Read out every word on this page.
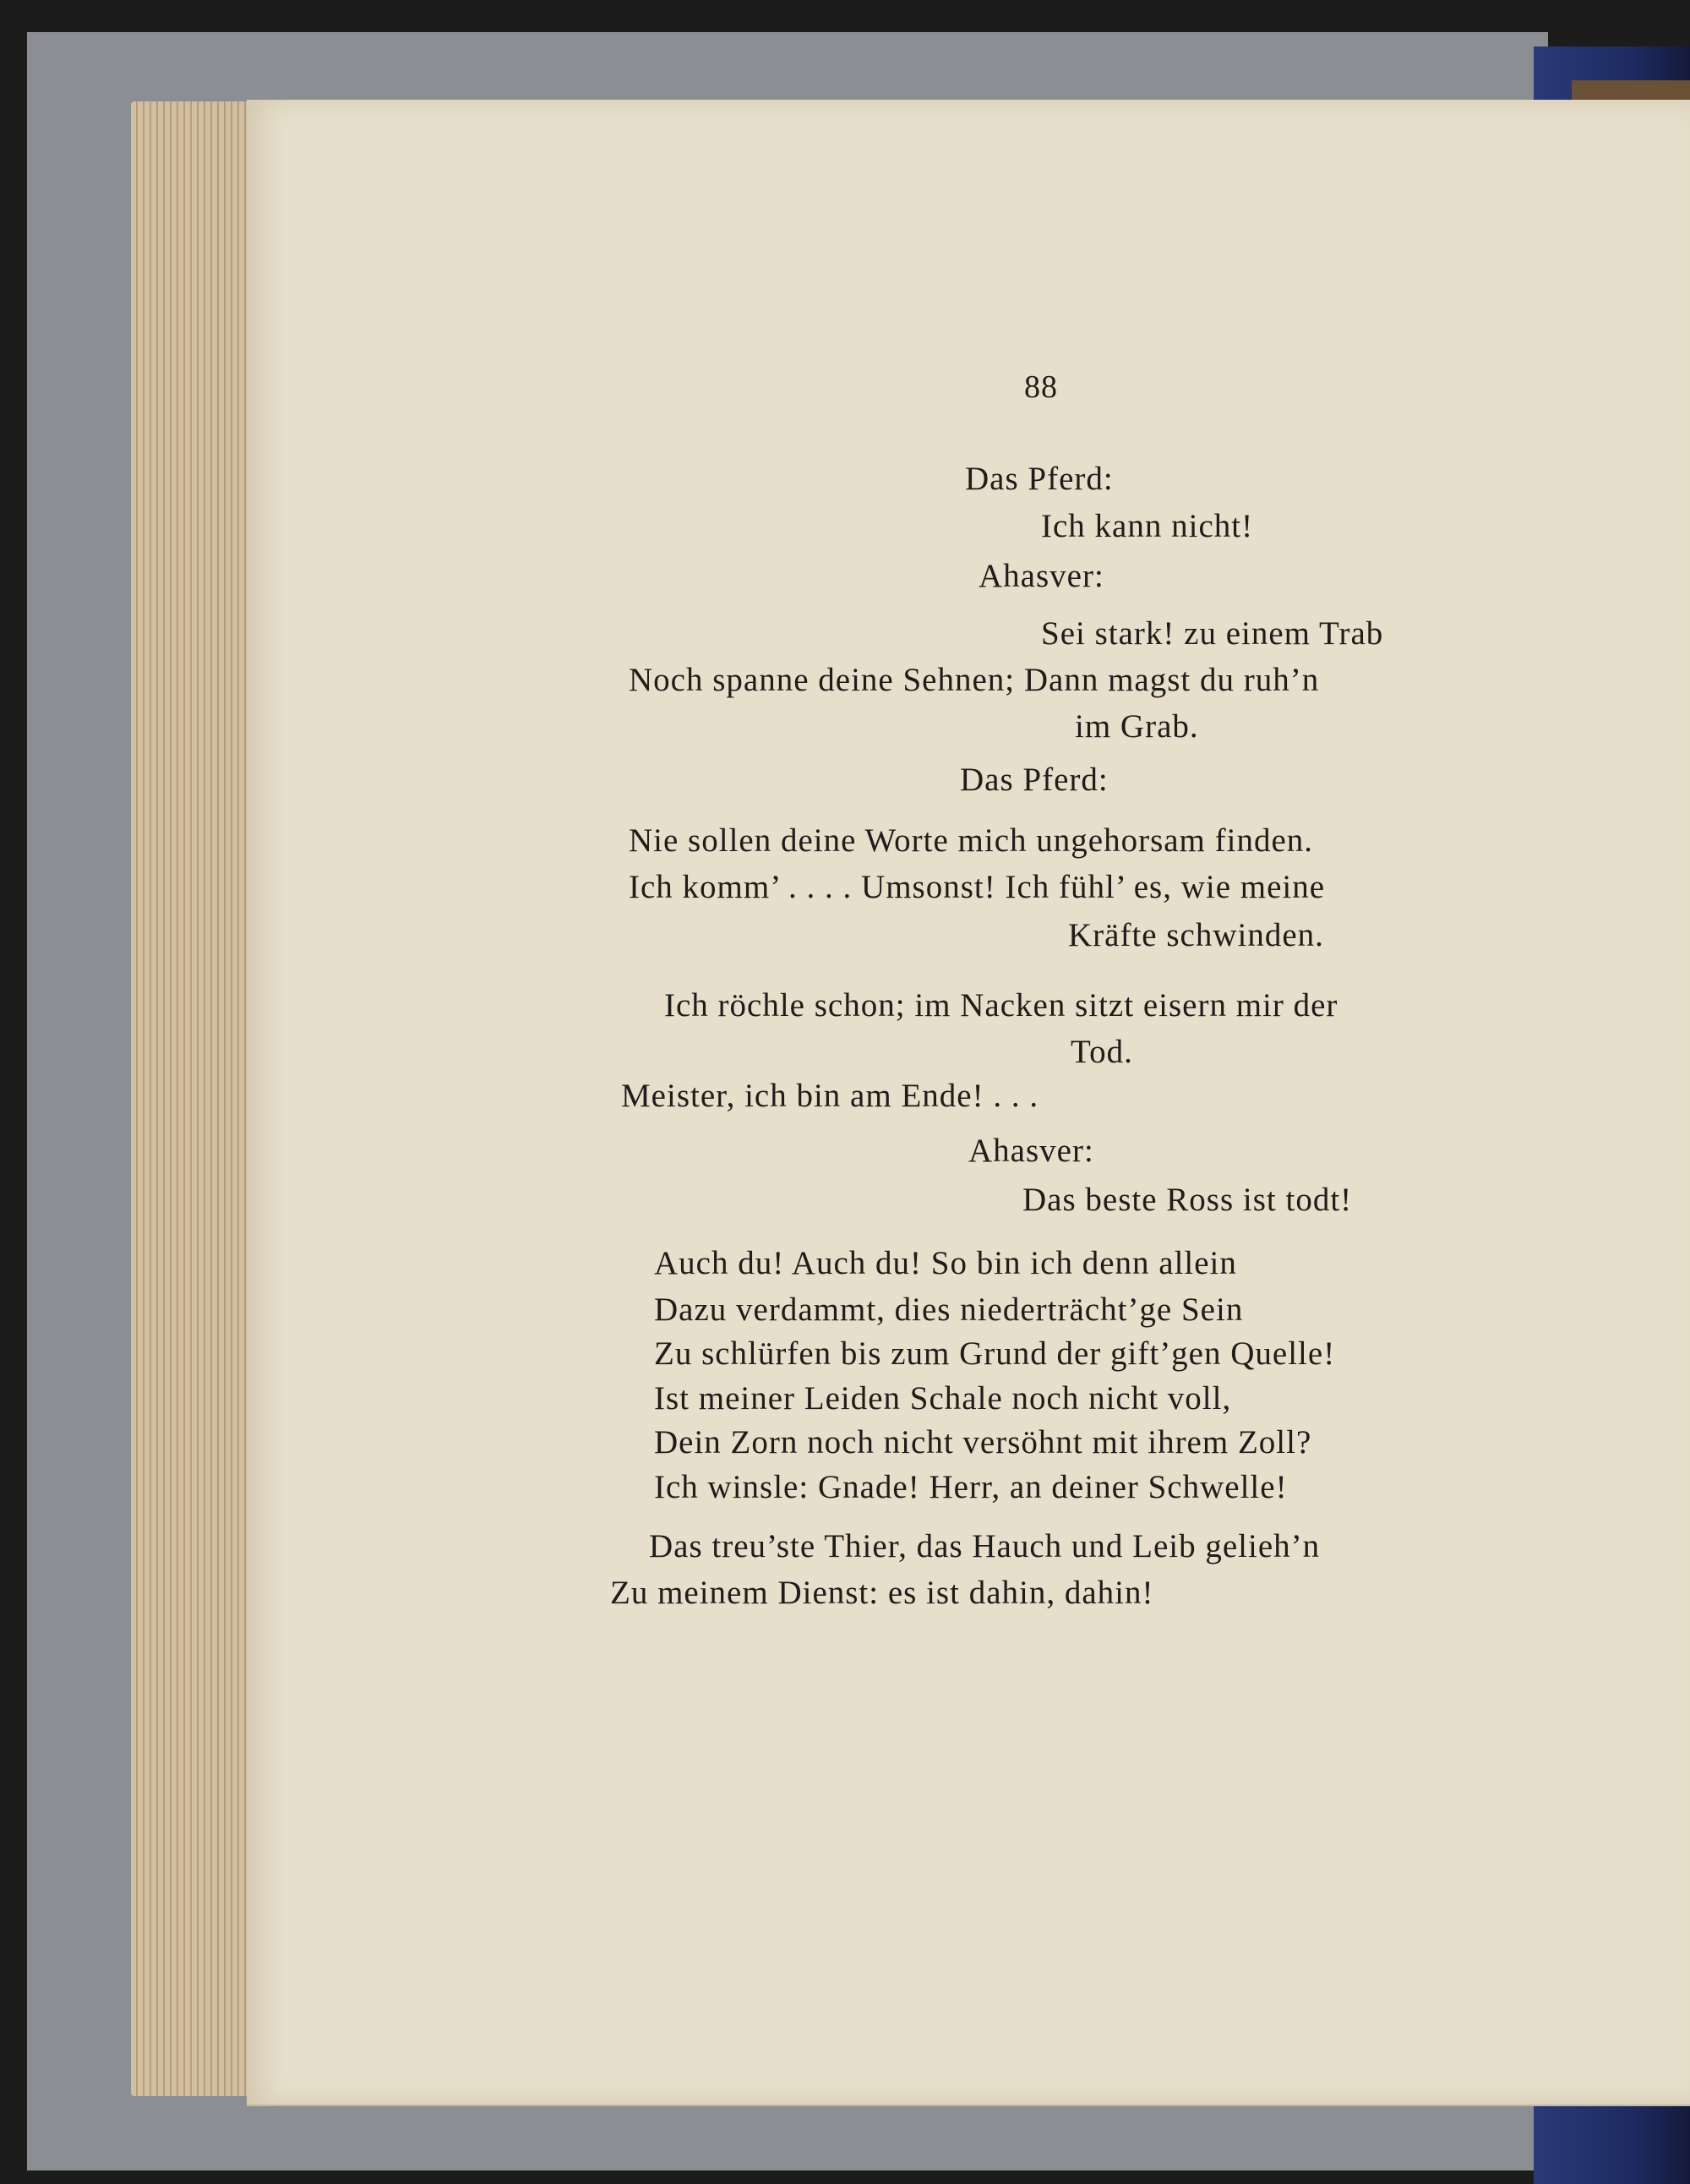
88
Das Pferd:
Ich kann nicht!
Ahasver:
Sei stark! zu einem Trab
Noch spanne deine Sehnen; Dann magst du ruh’n
im Grab.
Das Pferd:
Nie sollen deine Worte mich ungehorsam finden.
Ich komm’ . . . . Umsonst! Ich fühl’ es, wie meine
Kräfte schwinden.
Ich röchle schon; im Nacken sitzt eisern mir der
Tod.
Meister, ich bin am Ende! . . .
Ahasver:
Das beste Ross ist todt!
Auch du! Auch du! So bin ich denn allein
Dazu verdammt, dies niederträcht’ge Sein
Zu schlürfen bis zum Grund der gift’gen Quelle!
Ist meiner Leiden Schale noch nicht voll,
Dein Zorn noch nicht versöhnt mit ihrem Zoll?
Ich winsle: Gnade! Herr, an deiner Schwelle!
Das treu’ste Thier, das Hauch und Leib gelieh’n
Zu meinem Dienst: es ist dahin, dahin!
